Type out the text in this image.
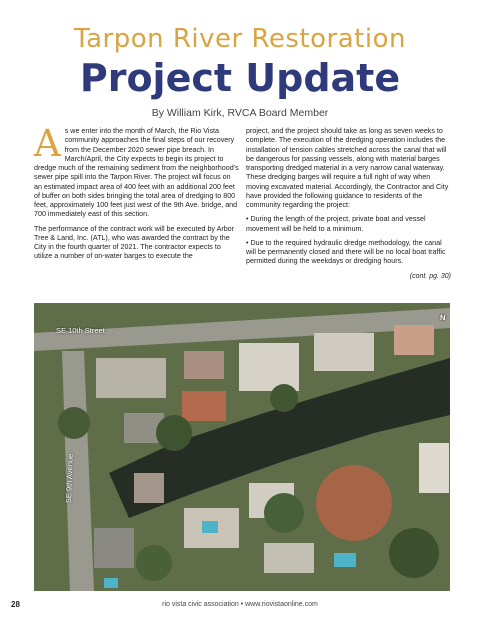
Tarpon River Restoration
Project Update
By William Kirk, RVCA Board Member

As we enter into the month of March, the Rio Vista community approaches the final steps of our recovery from the December 2020 sewer pipe breach. In March/April, the City expects to begin its project to dredge much of the remaining sediment from the neighborhood’s sewer pipe spill into the Tarpon River. The project will focus on an estimated impact area of 400 feet with an additional 200 feet of buffer on both sides bringing the total area of dredging to 800 feet, approximately 100 feet just west of the 9th Ave. bridge, and 700 immediately east of this section.

The performance of the contract work will be executed by Arbor Tree & Land, Inc. (ATL), who was awarded the contract by the City in the fourth quarter of 2021. The contractor expects to utilize a number of on-water barges to execute the

project, and the project should take as long as seven weeks to complete. The execution of the dredging operation includes the installation of tension cables stretched across the canal that will be dangerous for passing vessels, along with material barges transporting dredged material in a very narrow canal waterway. These dredging barges will require a full right of way when moving excavated material. Accordingly, the Contractor and City have provided the following guidance to residents of the community regarding the project:

• During the length of the project, private boat and vessel movement will be held to a minimum.

• Due to the required hydraulic dredge methodology, the canal will be permanently closed and there will be no local boat traffic permitted during the weekdays or dredging hours.

(cont. pg. 30)

SE 10th Street
SE 9th Avenue
N
28	rio vista civic association • www.riovistaonline.com
